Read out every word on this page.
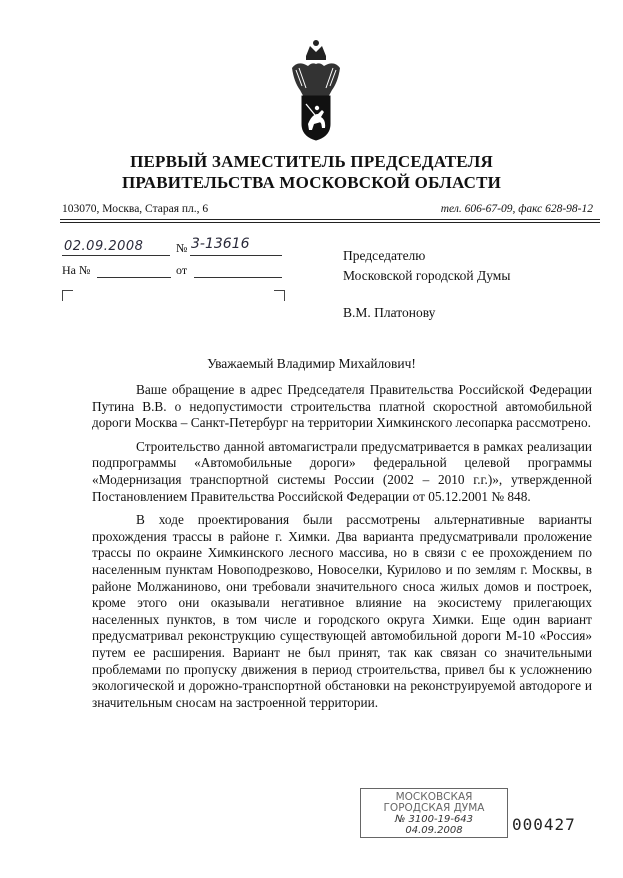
ПЕРВЫЙ ЗАМЕСТИТЕЛЬ ПРЕДСЕДАТЕЛЯ
ПРАВИТЕЛЬСТВА МОСКОВСКОЙ ОБЛАСТИ
103070, Москва, Старая пл., 6	тел. 606-67-09, факс 628-98-12
02.09.2008	№ 3-13616
На №	от
Председателю
Московской городской Думы
В.М. Платонову
Уважаемый Владимир Михайлович!

Ваше обращение в адрес Председателя Правительства Российской Федерации Путина В.В. о недопустимости строительства платной скоростной автомобильной дороги Москва – Санкт-Петербург на территории Химкинского лесопарка рассмотрено.

Строительство данной автомагистрали предусматривается в рамках реализации подпрограммы «Автомобильные дороги» федеральной целевой программы «Модернизация транспортной системы России (2002 – 2010 г.г.)», утвержденной Постановлением Правительства Российской Федерации от 05.12.2001 № 848.

В ходе проектирования были рассмотрены альтернативные варианты прохождения трассы в районе г. Химки. Два варианта предусматривали проложение трассы по окраине Химкинского лесного массива, но в связи с ее прохождением по населенным пунктам Новоподрезково, Новоселки, Курилово и по землям г. Москвы, в районе Молжаниново, они требовали значительного сноса жилых домов и построек, кроме этого они оказывали негативное влияние на экосистему прилегающих населенных пунктов, в том числе и городского округа Химки. Еще один вариант предусматривал реконструкцию существующей автомобильной дороги М-10 «Россия» путем ее расширения. Вариант не был принят, так как связан со значительными проблемами по пропуску движения в период строительства, привел бы к усложнению экологической и дорожно-транспортной обстановки на реконструируемой автодороге и значительным сносам на застроенной территории.

МОСКОВСКАЯ
ГОРОДСКАЯ ДУМА
№ 3100-19-643
04.09.2008	000427
